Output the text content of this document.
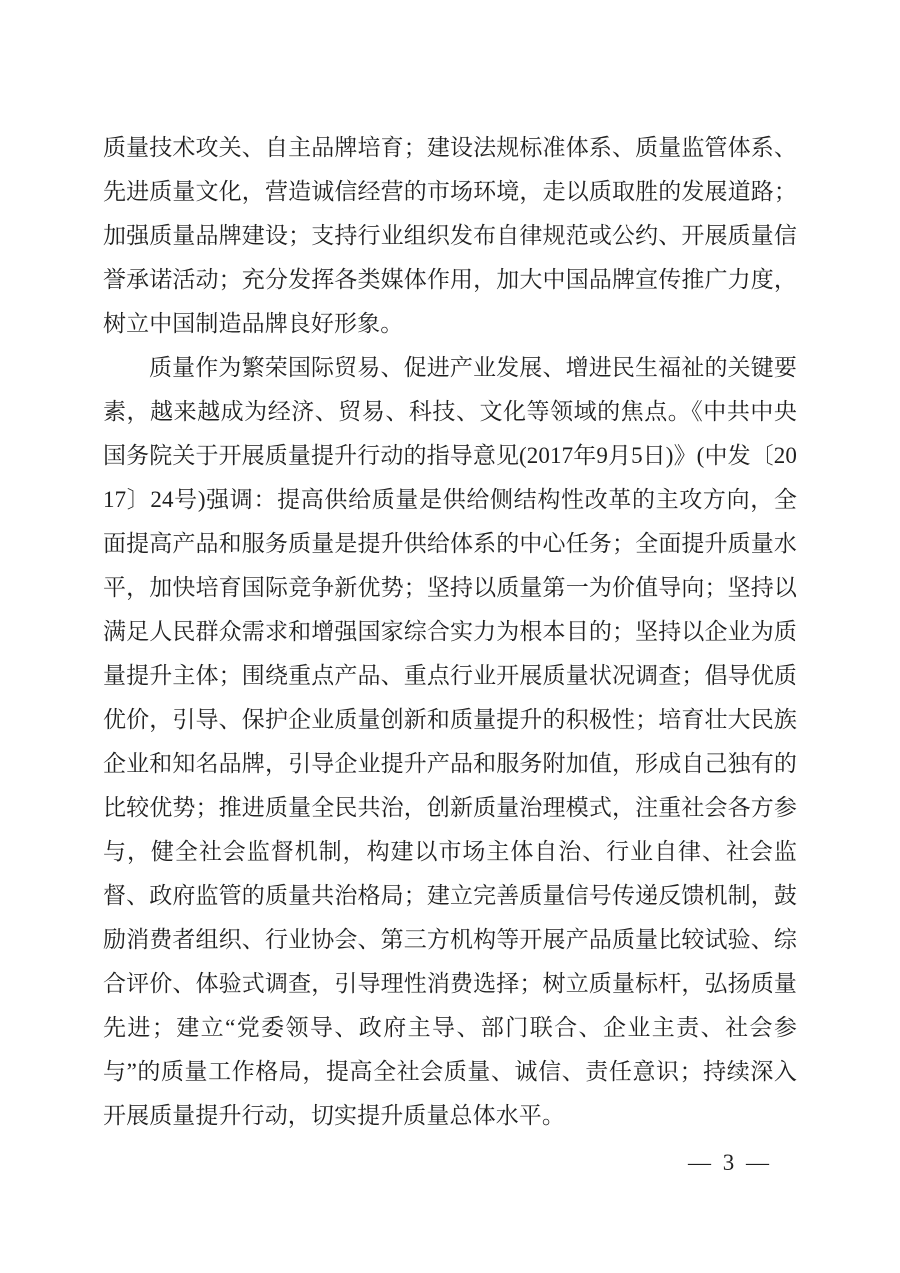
质量技术攻关、自主品牌培育；建设法规标准体系、质量监管体系、先进质量文化，营造诚信经营的市场环境，走以质取胜的发展道路；加强质量品牌建设；支持行业组织发布自律规范或公约、开展质量信誉承诺活动；充分发挥各类媒体作用，加大中国品牌宣传推广力度，树立中国制造品牌良好形象。

质量作为繁荣国际贸易、促进产业发展、增进民生福祉的关键要素，越来越成为经济、贸易、科技、文化等领域的焦点。《中共中央国务院关于开展质量提升行动的指导意见(2017年9月5日)》(中发〔2017〕24号)强调：提高供给质量是供给侧结构性改革的主攻方向，全面提高产品和服务质量是提升供给体系的中心任务；全面提升质量水平，加快培育国际竞争新优势；坚持以质量第一为价值导向；坚持以满足人民群众需求和增强国家综合实力为根本目的；坚持以企业为质量提升主体；围绕重点产品、重点行业开展质量状况调查；倡导优质优价，引导、保护企业质量创新和质量提升的积极性；培育壮大民族企业和知名品牌，引导企业提升产品和服务附加值，形成自己独有的比较优势；推进质量全民共治，创新质量治理模式，注重社会各方参与，健全社会监督机制，构建以市场主体自治、行业自律、社会监督、政府监管的质量共治格局；建立完善质量信号传递反馈机制，鼓励消费者组织、行业协会、第三方机构等开展产品质量比较试验、综合评价、体验式调查，引导理性消费选择；树立质量标杆，弘扬质量先进；建立“党委领导、政府主导、部门联合、企业主责、社会参与”的质量工作格局，提高全社会质量、诚信、责任意识；持续深入开展质量提升行动，切实提升质量总体水平。

— 3 —
